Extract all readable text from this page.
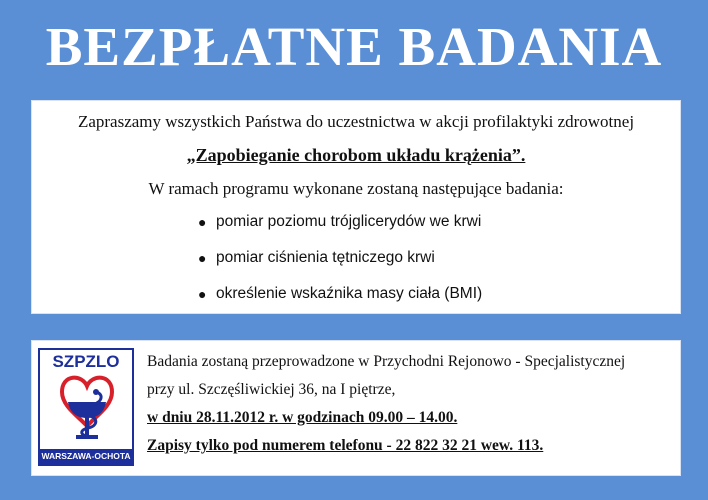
BEZPŁATNE BADANIA
Zapraszamy wszystkich Państwa do uczestnictwa w akcji profilaktyki zdrowotnej
„Zapobieganie chorobom układu krążenia”.
W ramach programu wykonane zostaną następujące badania:
● pomiar poziomu trójglicerydów we krwi
● pomiar ciśnienia tętniczego krwi
● określenie wskaźnika masy ciała (BMI)
SZPZLO
WARSZAWA-OCHOTA
Badania zostaną przeprowadzone w Przychodni Rejonowo - Specjalistycznej
przy ul. Szczęśliwickiej 36, na I piętrze,
w dniu 28.11.2012 r. w godzinach 09.00 – 14.00.
Zapisy tylko pod numerem telefonu - 22 822 32 21 wew. 113.
